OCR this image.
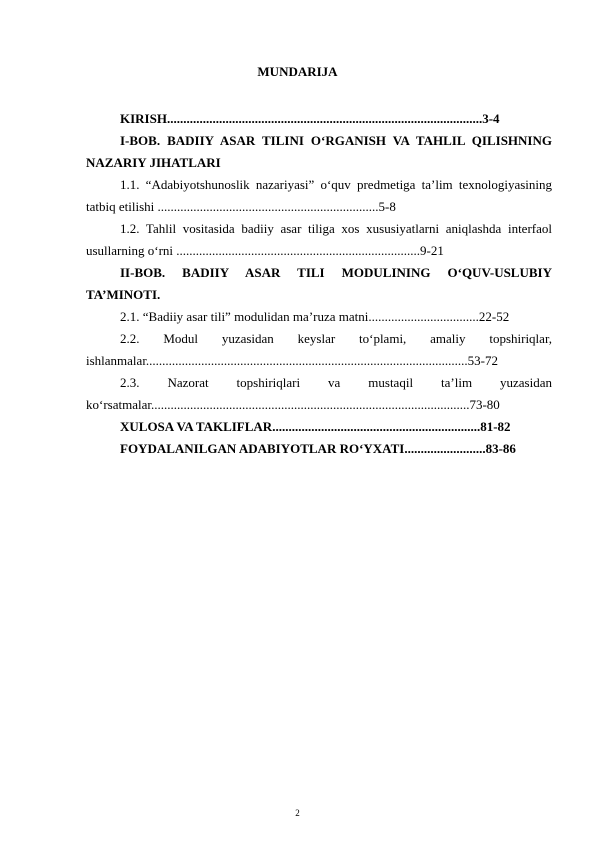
MUNDARIJA

KIRISH.................................................................................................3-4

I-BOB. BADIIY ASAR TILINI O‘RGANISH VA TAHLIL QILISHNING NAZARIY JIHATLARI

1.1. “Adabiyotshunoslik nazariyasi” o‘quv predmetiga ta’lim texnologiyasining tatbiq etilishi ....................................................................5-8

1.2. Tahlil vositasida badiiy asar tiliga xos xususiyatlarni aniqlashda interfaol usullarning o‘rni ...........................................................................9-21

II-BOB. BADIIY ASAR TILI MODULINING O‘QUV-USLUBIY TA’MINOTI.

2.1. “Badiiy asar tili” modulidan ma’ruza matni..................................22-52

2.2. Modul yuzasidan keyslar to‘plami, amaliy topshiriqlar, ishlanmalar...................................................................................................53-72

2.3. Nazorat topshiriqlari va mustaqil ta’lim yuzasidan ko‘rsatmalar..................................................................................................73-80

XULOSA VA TAKLIFLAR................................................................81-82

FOYDALANILGAN ADABIYOTLAR RO‘YXATI.........................83-86

2
